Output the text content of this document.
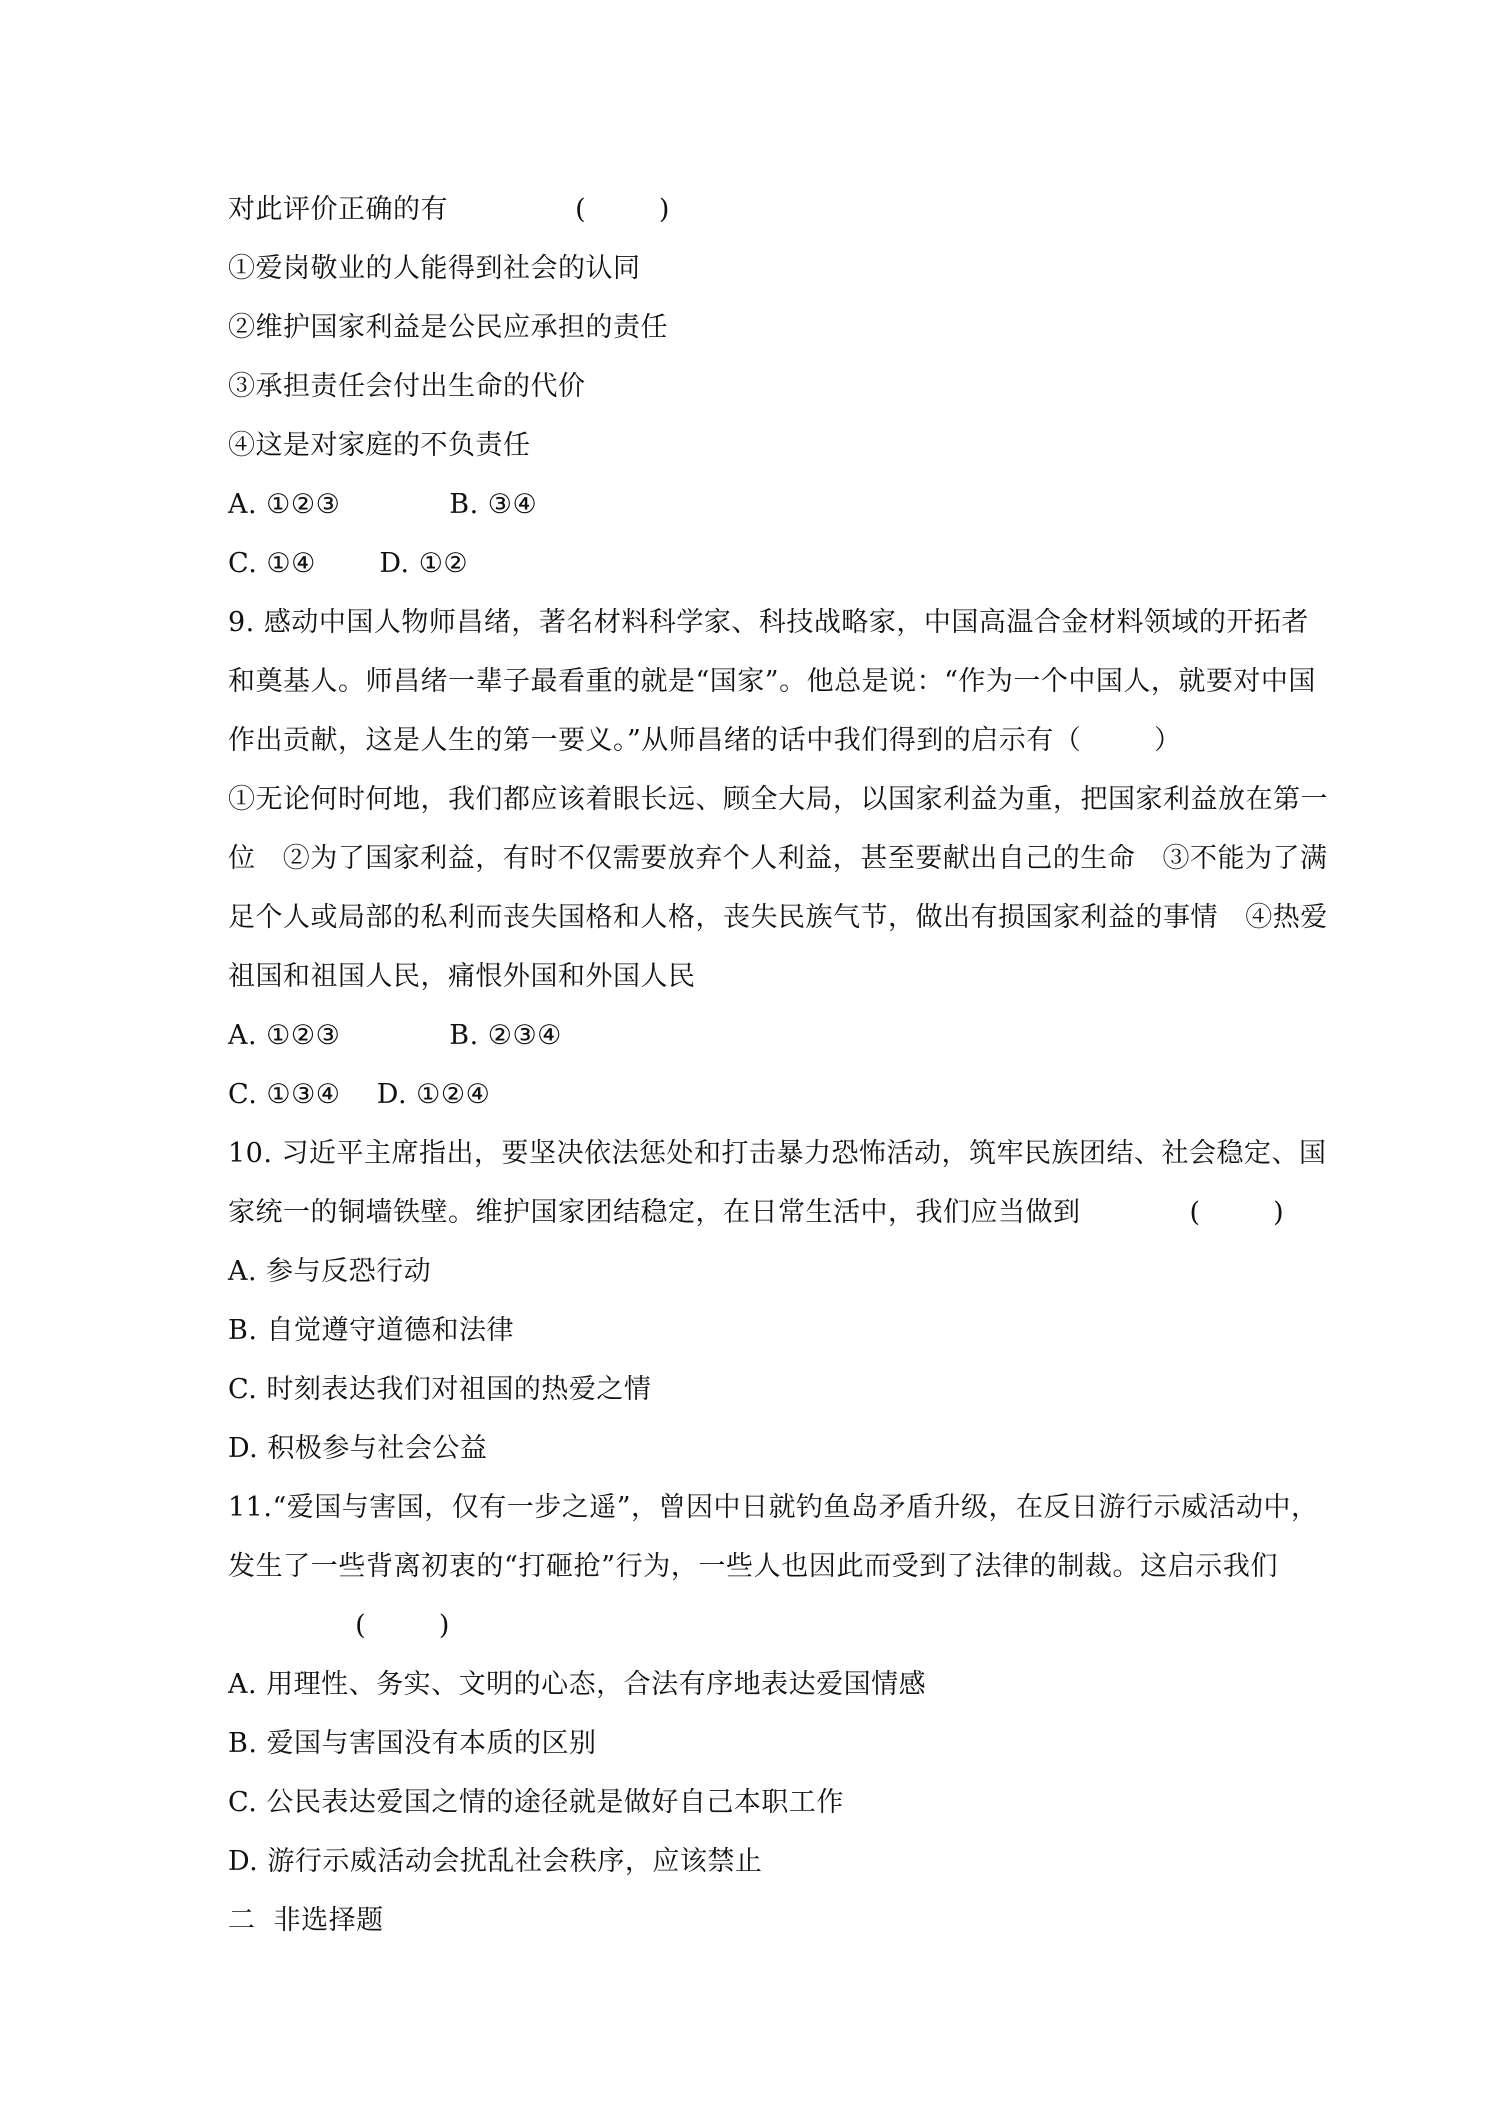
对此评价正确的有              (        )
①爱岗敬业的人能得到社会的认同
②维护国家利益是公民应承担的责任
③承担责任会付出生命的代价
④这是对家庭的不负责任
A. ①②③            B. ③④
C. ①④       D. ①②
9. 感动中国人物师昌绪，著名材料科学家、科技战略家，中国高温合金材料领域的开拓者
和奠基人。师昌绪一辈子最看重的就是“国家”。他总是说：“作为一个中国人，就要对中国
作出贡献，这是人生的第一要义。”从师昌绪的话中我们得到的启示有（        ）
①无论何时何地，我们都应该着眼长远、顾全大局，以国家利益为重，把国家利益放在第一
位   ②为了国家利益，有时不仅需要放弃个人利益，甚至要献出自己的生命   ③不能为了满
足个人或局部的私利而丧失国格和人格，丧失民族气节，做出有损国家利益的事情   ④热爱
祖国和祖国人民，痛恨外国和外国人民
A. ①②③            B. ②③④
C. ①③④    D. ①②④
10. 习近平主席指出，要坚决依法惩处和打击暴力恐怖活动，筑牢民族团结、社会稳定、国
家统一的铜墙铁壁。维护国家团结稳定，在日常生活中，我们应当做到            (        )
A. 参与反恐行动
B. 自觉遵守道德和法律
C. 时刻表达我们对祖国的热爱之情
D. 积极参与社会公益
11.“爱国与害国，仅有一步之遥”，曾因中日就钓鱼岛矛盾升级，在反日游行示威活动中，
发生了一些背离初衷的“打砸抢”行为，一些人也因此而受到了法律的制裁。这启示我们
(        )
A. 用理性、务实、文明的心态，合法有序地表达爱国情感
B. 爱国与害国没有本质的区别
C. 公民表达爱国之情的途径就是做好自己本职工作
D. 游行示威活动会扰乱社会秩序，应该禁止
二  非选择题
